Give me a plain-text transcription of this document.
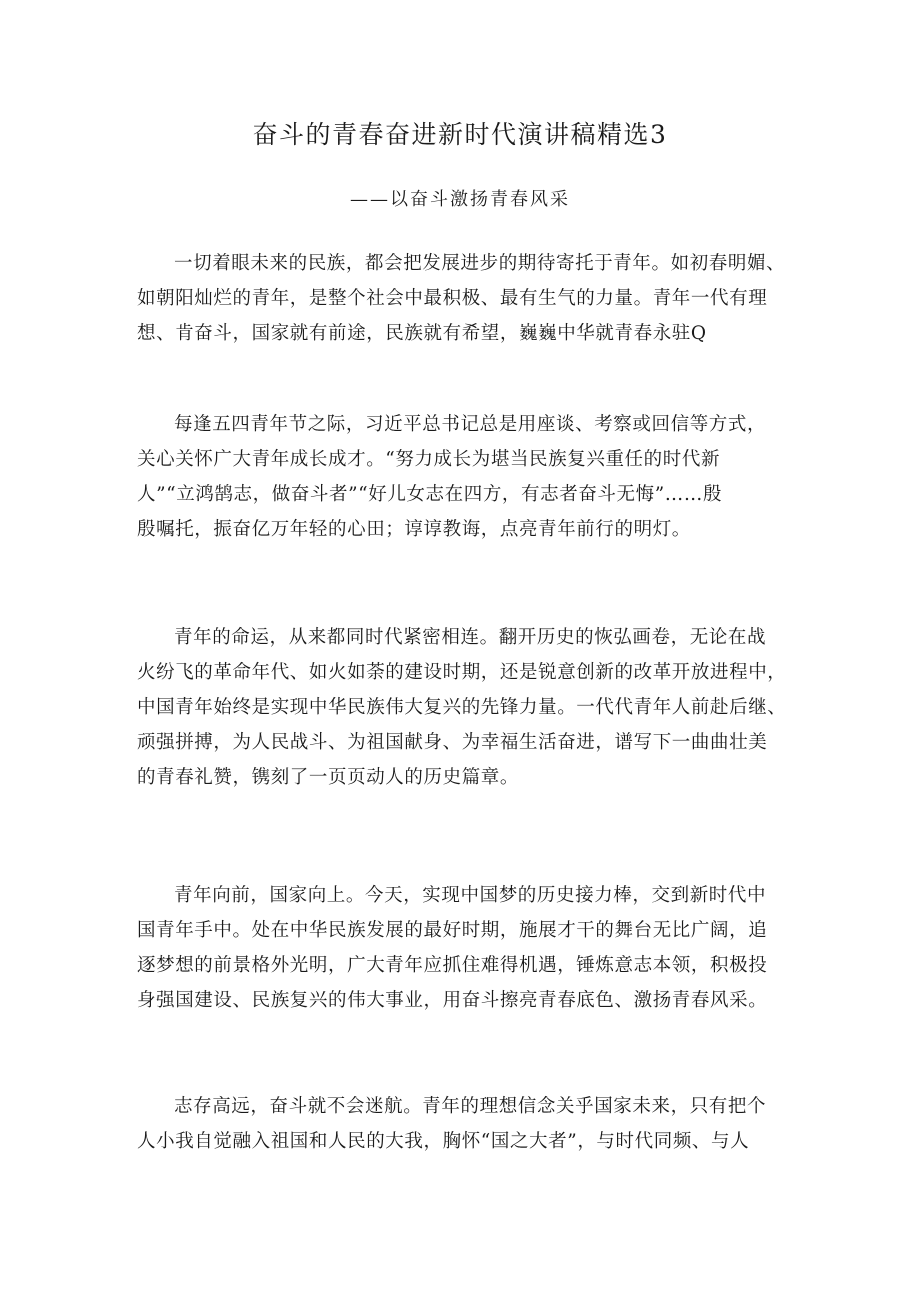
奋斗的青春奋进新时代演讲稿精选3

——以奋斗激扬青春风采

一切着眼未来的民族，都会把发展进步的期待寄托于青年。如初春明媚、
如朝阳灿烂的青年，是整个社会中最积极、最有生气的力量。青年一代有理
想、肯奋斗，国家就有前途，民族就有希望，巍巍中华就青春永驻Q

每逢五四青年节之际，习近平总书记总是用座谈、考察或回信等方式，
关心关怀广大青年成长成才。“努力成长为堪当民族复兴重任的时代新
人”“立鸿鹄志，做奋斗者”“好儿女志在四方，有志者奋斗无悔”……殷
殷嘱托，振奋亿万年轻的心田；谆谆教诲，点亮青年前行的明灯。

青年的命运，从来都同时代紧密相连。翻开历史的恢弘画卷，无论在战
火纷飞的革命年代、如火如荼的建设时期，还是锐意创新的改革开放进程中，
中国青年始终是实现中华民族伟大复兴的先锋力量。一代代青年人前赴后继、
顽强拼搏，为人民战斗、为祖国献身、为幸福生活奋进，谱写下一曲曲壮美
的青春礼赞，镌刻了一页页动人的历史篇章。

青年向前，国家向上。今天，实现中国梦的历史接力棒，交到新时代中
国青年手中。处在中华民族发展的最好时期，施展才干的舞台无比广阔，追
逐梦想的前景格外光明，广大青年应抓住难得机遇，锤炼意志本领，积极投
身强国建设、民族复兴的伟大事业，用奋斗擦亮青春底色、激扬青春风采。

志存高远，奋斗就不会迷航。青年的理想信念关乎国家未来，只有把个
人小我自觉融入祖国和人民的大我，胸怀“国之大者”，与时代同频、与人
